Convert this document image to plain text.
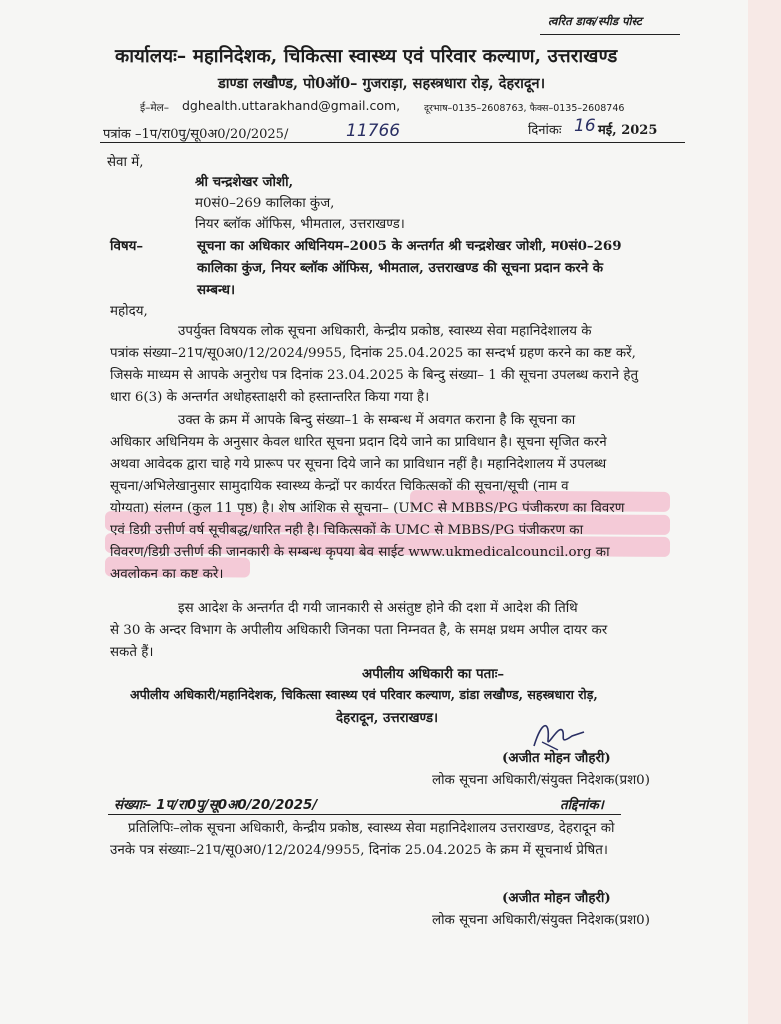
त्वरित डाक/स्पीड पोस्ट
कार्यालयः– महानिदेशक, चिकित्सा स्वास्थ्य एवं परिवार कल्याण, उत्तराखण्ड
डाण्डा लखौण्ड, पो0ऑ0– गुजराड़ा, सहस्त्रधारा रोड़, देहरादून।
ई–मेल– dghealth.uttarakhand@gmail.com,	दूरभाष–0135–2608763, फैक्स–0135–2608746
पत्रांक –1प/रा0पु/सू0अ0/20/2025/	11766	दिनांकः 16 मई, 2025
सेवा में,
श्री चन्द्रशेखर जोशी,
म0सं0–269 कालिका कुंज,
नियर ब्लॉक ऑफिस, भीमताल, उत्तराखण्ड।
विषय–	सूचना का अधिकार अधिनियम–2005 के अन्तर्गत श्री चन्द्रशेखर जोशी, म0सं0–269
कालिका कुंज, नियर ब्लॉक ऑफिस, भीमताल, उत्तराखण्ड की सूचना प्रदान करने के
सम्बन्ध।
महोदय,
उपर्युक्त विषयक लोक सूचना अधिकारी, केन्द्रीय प्रकोष्ठ, स्वास्थ्य सेवा महानिदेशालय के
पत्रांक संख्या–21प/सू0अ0/12/2024/9955, दिनांक 25.04.2025 का सन्दर्भ ग्रहण करने का कष्ट करें,
जिसके माध्यम से आपके अनुरोध पत्र दिनांक 23.04.2025 के बिन्दु संख्या– 1 की सूचना उपलब्ध कराने हेतु
धारा 6(3) के अन्तर्गत अधोहस्ताक्षरी को हस्तान्तरित किया गया है।
उक्त के क्रम में आपके बिन्दु संख्या–1 के सम्बन्ध में अवगत कराना है कि सूचना का
अधिकार अधिनियम के अनुसार केवल धारित सूचना प्रदान दिये जाने का प्राविधान है। सूचना सृजित करने
अथवा आवेदक द्वारा चाहे गये प्रारूप पर सूचना दिये जाने का प्राविधान नहीं है। महानिदेशालय में उपलब्ध
सूचना/अभिलेखानुसार सामुदायिक स्वास्थ्य केन्द्रों पर कार्यरत चिकित्सकों की सूचना/सूची (नाम व
योग्यता) संलग्न (कुल 11 पृष्ठ) है। शेष आंशिक से सूचना– (UMC से MBBS/PG पंजीकरण का विवरण
एवं डिग्री उत्तीर्ण वर्ष सूचीबद्ध/धारित नही है। चिकित्सकों के UMC से MBBS/PG पंजीकरण का
विवरण/डिग्री उत्तीर्ण की जानकारी के सम्बन्ध कृपया बेव साईट www.ukmedicalcouncil.org का
अवलोकन का कष्ट करे।
इस आदेश के अन्तर्गत दी गयी जानकारी से असंतुष्ट होने की दशा में आदेश की तिथि
से 30 के अन्दर विभाग के अपीलीय अधिकारी जिनका पता निम्नवत है, के समक्ष प्रथम अपील दायर कर
सकते हैं।
अपीलीय अधिकारी का पताः–
अपीलीय अधिकारी/महानिदेशक, चिकित्सा स्वास्थ्य एवं परिवार कल्याण, डांडा लखौण्ड, सहस्त्रधारा रोड़,
देहरादून, उत्तराखण्ड।
(अजीत मोहन जौहरी)
लोक सूचना अधिकारी/संयुक्त निदेशक(प्रश0)
संख्याः– 1प/रा0पु/सू0अ0/20/2025/	तद्दिनांक।
प्रतिलिपिः–लोक सूचना अधिकारी, केन्द्रीय प्रकोष्ठ, स्वास्थ्य सेवा महानिदेशालय उत्तराखण्ड, देहरादून को
उनके पत्र संख्याः–21प/सू0अ0/12/2024/9955, दिनांक 25.04.2025 के क्रम में सूचनार्थ प्रेषित।
(अजीत मोहन जौहरी)
लोक सूचना अधिकारी/संयुक्त निदेशक(प्रश0)
